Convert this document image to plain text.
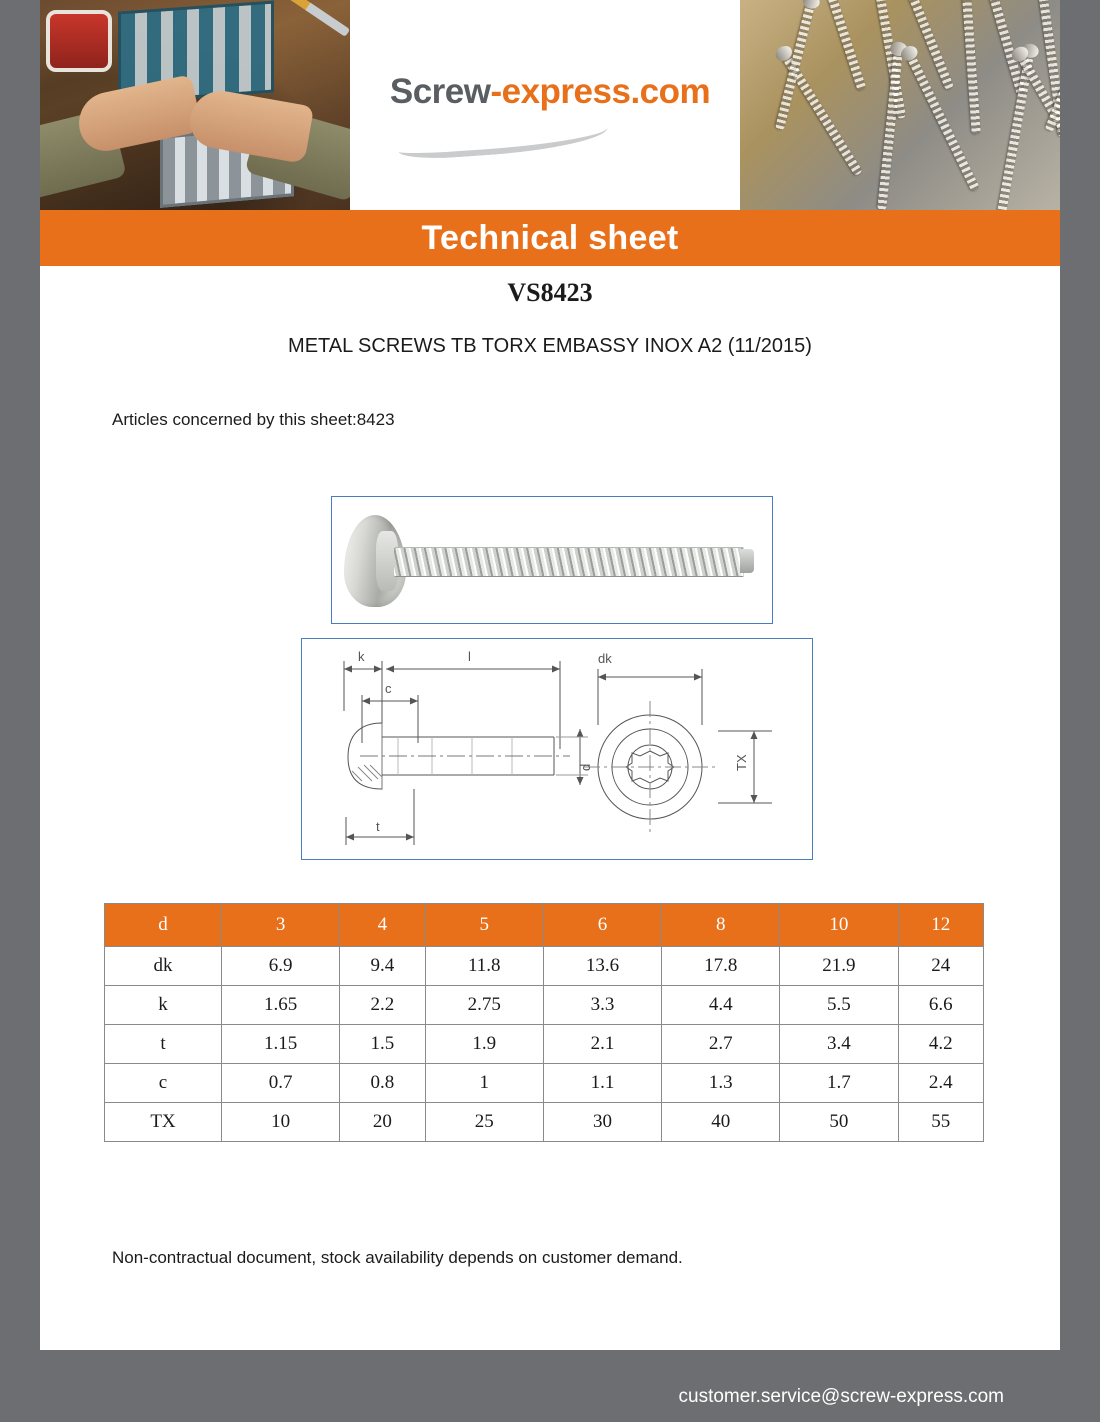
Screw-express.com
Technical sheet
VS8423
METAL SCREWS TB TORX EMBASSY INOX A2 (11/2015)
Articles concerned by this sheet:8423
k	l
c
t
dk
d	TX
d	3	4	5	6	8	10	12
dk	6.9	9.4	11.8	13.6	17.8	21.9	24
k	1.65	2.2	2.75	3.3	4.4	5.5	6.6
t	1.15	1.5	1.9	2.1	2.7	3.4	4.2
c	0.7	0.8	1	1.1	1.3	1.7	2.4
TX	10	20	25	30	40	50	55
Non-contractual document, stock availability depends on customer demand.
customer.service@screw-express.com
